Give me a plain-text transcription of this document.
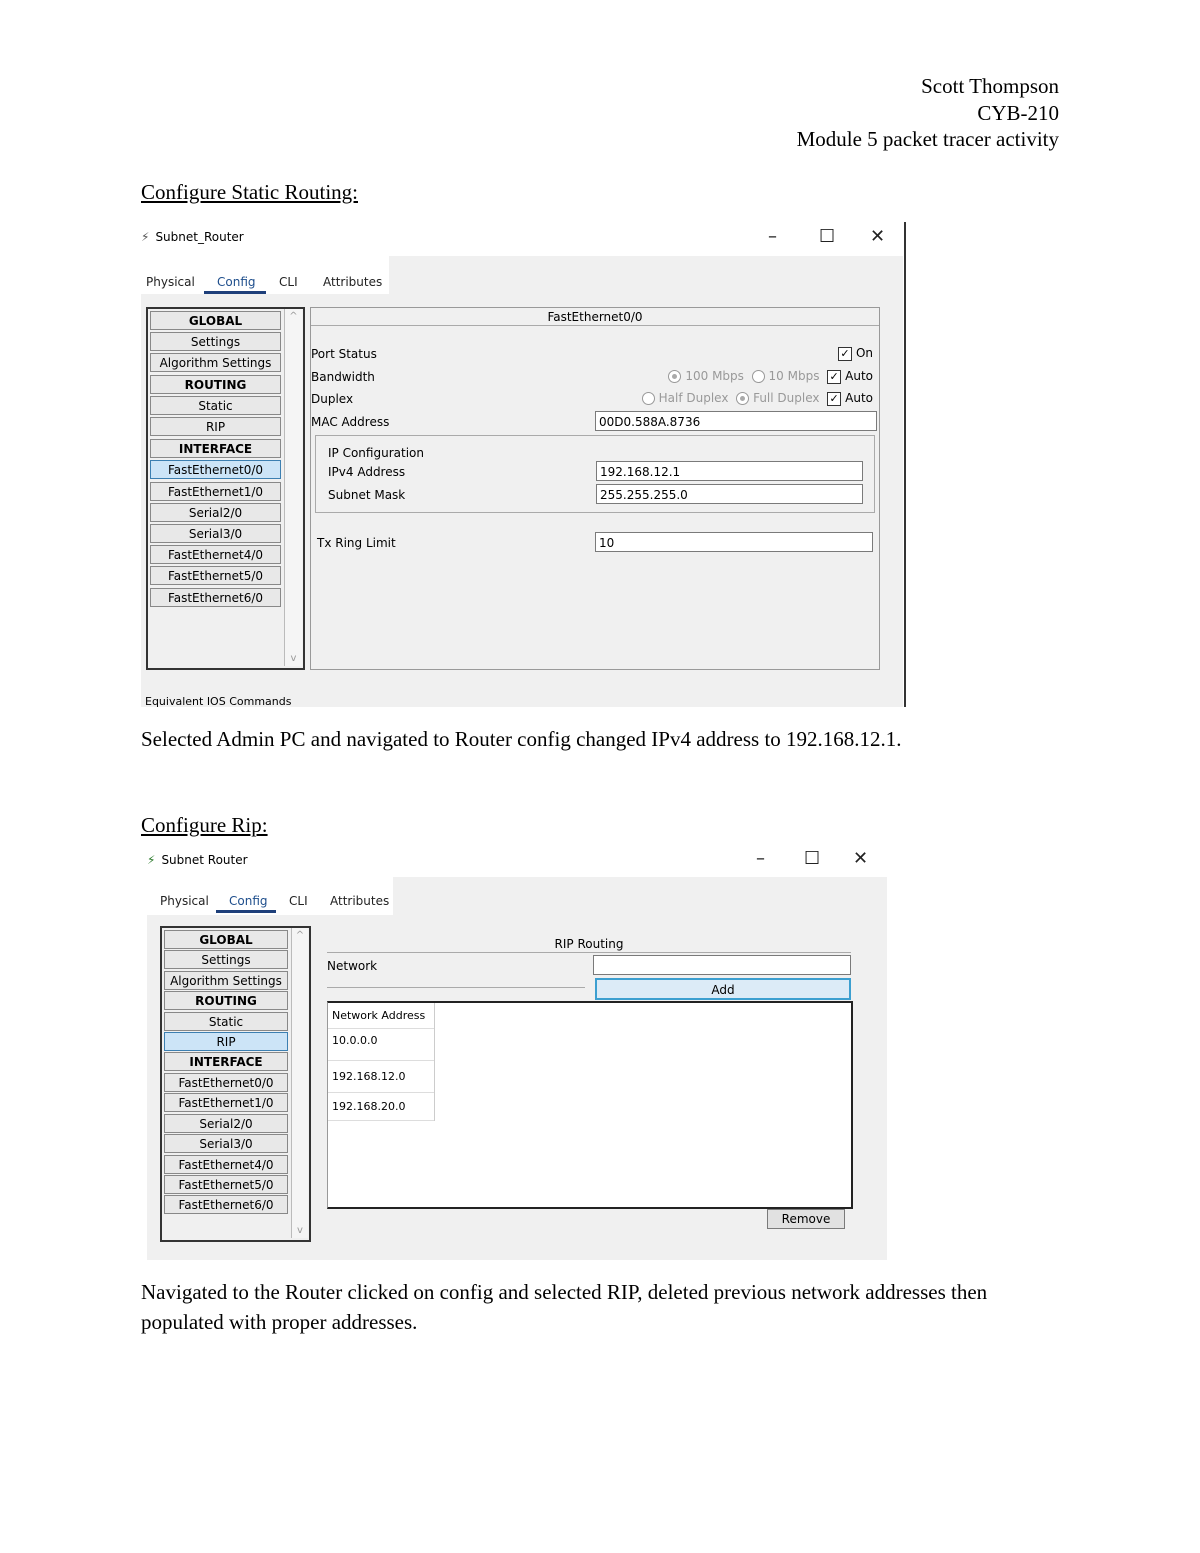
Scott Thompson
CYB-210
Module 5 packet tracer activity
Configure Static Routing:
⚡ Subnet_Router	– ☐ ✕
Physical Config CLI Attributes
GLOBAL
Settings
Algorithm Settings
ROUTING
Static
RIP
INTERFACE
FastEthernet0/0
FastEthernet1/0
Serial2/0
Serial3/0
FastEthernet4/0
FastEthernet5/0
FastEthernet6/0
^
v
FastEthernet0/0
Port Status	✓ On
Bandwidth	100 Mbps 10 Mbps ✓ Auto
Duplex	Half Duplex Full Duplex ✓ Auto
MAC Address	00D0.588A.8736
IP Configuration
IPv4 Address	192.168.12.1
Subnet Mask	255.255.255.0
Tx Ring Limit	10
Equivalent IOS Commands
Selected Admin PC and navigated to Router config changed IPv4 address to 192.168.12.1.
Configure Rip:
⚡ Subnet Router	– ☐ ✕
Physical Config CLI Attributes
GLOBAL
Settings
Algorithm Settings
ROUTING
Static
RIP
INTERFACE
FastEthernet0/0
FastEthernet1/0
Serial2/0
Serial3/0
FastEthernet4/0
FastEthernet5/0
FastEthernet6/0
^
v
RIP Routing
Network
Add
Network Address
10.0.0.0
192.168.12.0
192.168.20.0
Remove
Navigated to the Router clicked on config and selected RIP, deleted previous network addresses then populated with proper addresses.
